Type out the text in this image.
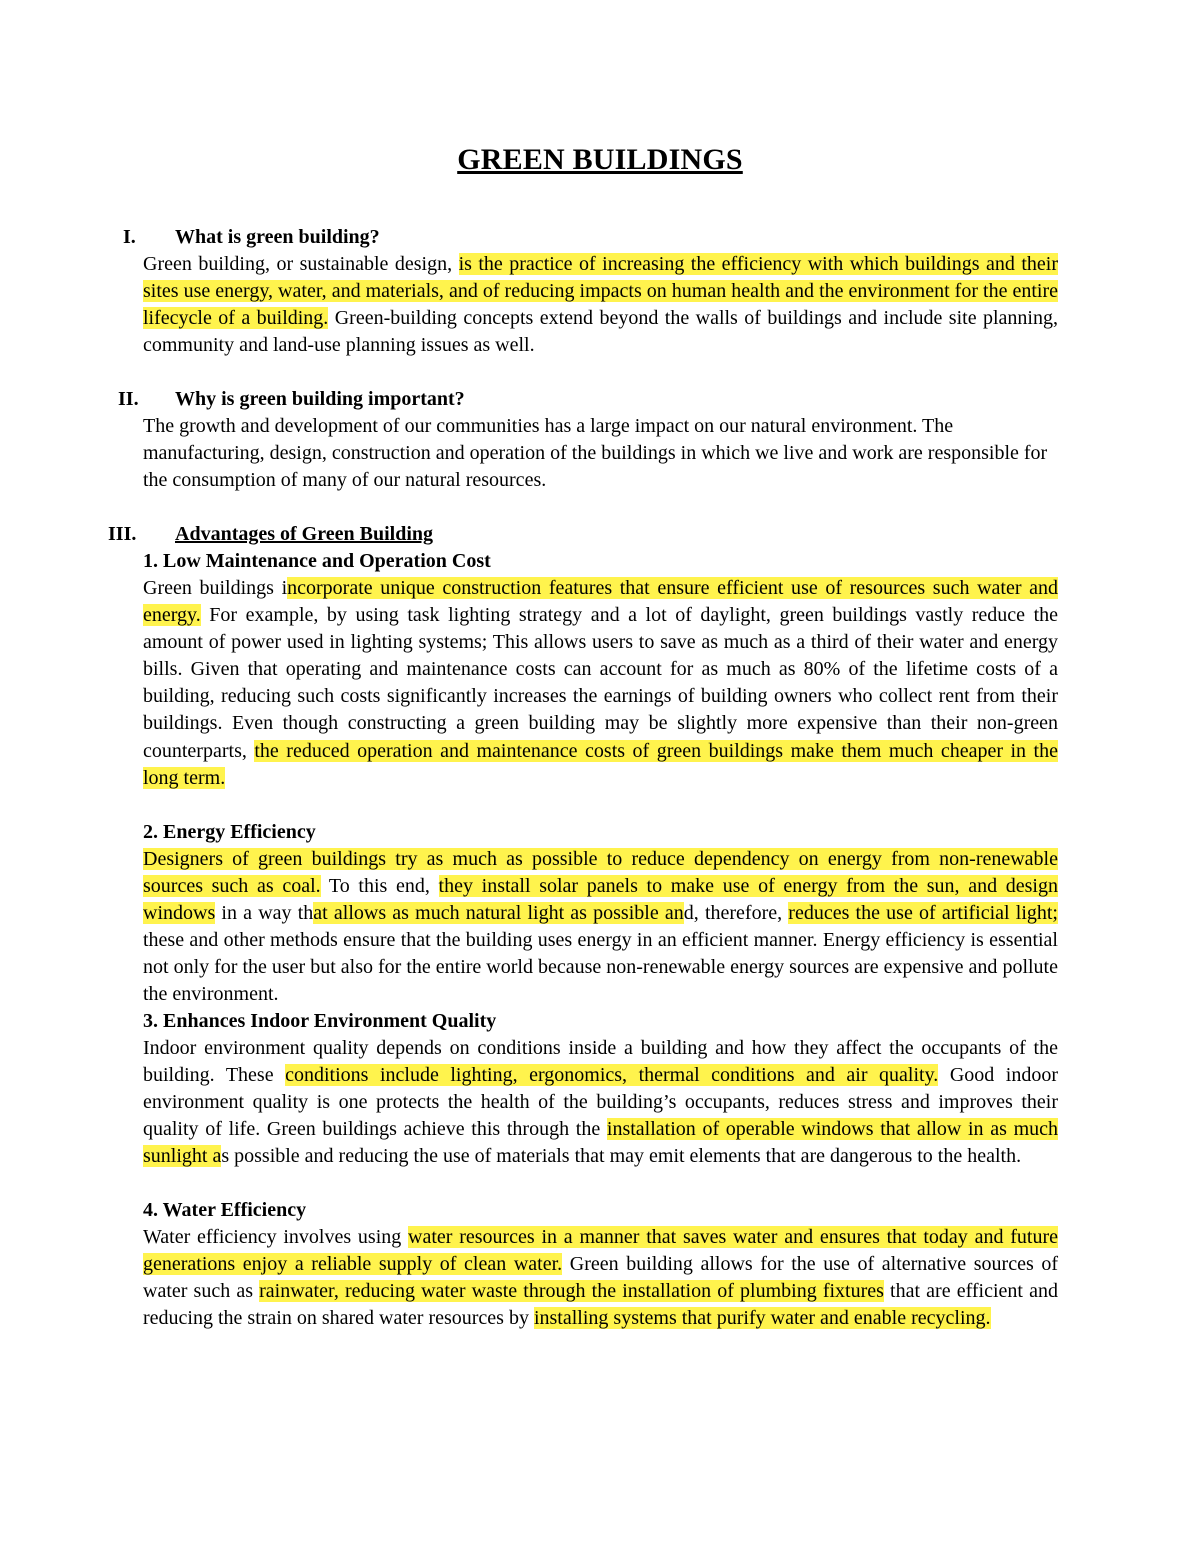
GREEN BUILDINGS
I. What is green building?

Green building, or sustainable design, is the practice of increasing the efficiency with which buildings and their sites use energy, water, and materials, and of reducing impacts on human health and the environment for the entire lifecycle of a building. Green-building concepts extend beyond the walls of buildings and include site planning, community and land-use planning issues as well.

II. Why is green building important?

The growth and development of our communities has a large impact on our natural environment. The manufacturing, design, construction and operation of the buildings in which we live and work are responsible for the consumption of many of our natural resources.

III. Advantages of Green Building
1. Low Maintenance and Operation Cost

Green buildings incorporate unique construction features that ensure efficient use of resources such water and energy. For example, by using task lighting strategy and a lot of daylight, green buildings vastly reduce the amount of power used in lighting systems; This allows users to save as much as a third of their water and energy bills. Given that operating and maintenance costs can account for as much as 80% of the lifetime costs of a building, reducing such costs significantly increases the earnings of building owners who collect rent from their buildings. Even though constructing a green building may be slightly more expensive than their non-green counterparts, the reduced operation and maintenance costs of green buildings make them much cheaper in the long term.

2. Energy Efficiency

Designers of green buildings try as much as possible to reduce dependency on energy from non-renewable sources such as coal. To this end, they install solar panels to make use of energy from the sun, and design windows in a way that allows as much natural light as possible and, therefore, reduces the use of artificial light; these and other methods ensure that the building uses energy in an efficient manner. Energy efficiency is essential not only for the user but also for the entire world because non-renewable energy sources are expensive and pollute the environment.

3. Enhances Indoor Environment Quality

Indoor environment quality depends on conditions inside a building and how they affect the occupants of the building. These conditions include lighting, ergonomics, thermal conditions and air quality. Good indoor environment quality is one protects the health of the building’s occupants, reduces stress and improves their quality of life. Green buildings achieve this through the installation of operable windows that allow in as much sunlight as possible and reducing the use of materials that may emit elements that are dangerous to the health.

4. Water Efficiency

Water efficiency involves using water resources in a manner that saves water and ensures that today and future generations enjoy a reliable supply of clean water. Green building allows for the use of alternative sources of water such as rainwater, reducing water waste through the installation of plumbing fixtures that are efficient and reducing the strain on shared water resources by installing systems that purify water and enable recycling.
